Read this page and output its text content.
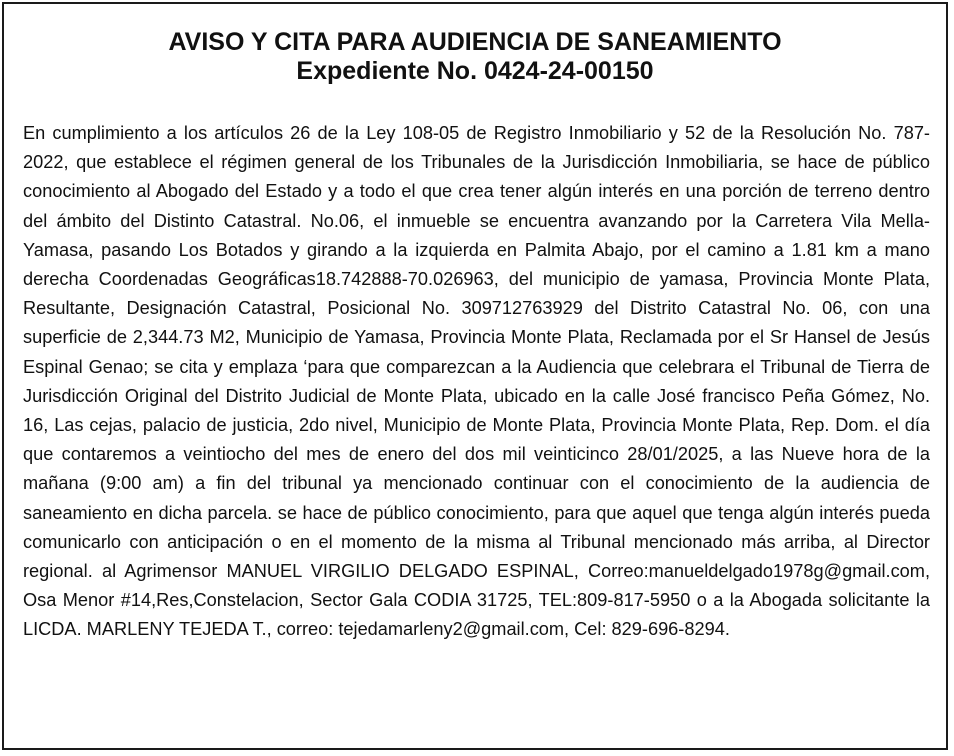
AVISO Y CITA PARA AUDIENCIA DE SANEAMIENTO
Expediente No. 0424-24-00150

En cumplimiento a los artículos 26 de la Ley 108-05 de Registro Inmobiliario y 52 de la Resolución No. 787-2022, que establece el régimen general de los Tribunales de la Jurisdicción Inmobiliaria, se hace de público conocimiento al Abogado del Estado y a todo el que crea tener algún interés en una porción de terreno dentro del ámbito del Distinto Catastral. No.06, el inmueble se encuentra avanzando por la Carretera Vila Mella-Yamasa, pasando Los Botados y girando a la izquierda en Palmita Abajo, por el camino a 1.81 km a mano derecha Coordenadas Geográficas18.742888-70.026963, del municipio de yamasa, Provincia Monte Plata, Resultante, Designación Catastral, Posicional No. 309712763929 del Distrito Catastral No. 06, con una superficie de 2,344.73 M2, Municipio de Yamasa, Provincia Monte Plata, Reclamada por el Sr Hansel de Jesús Espinal Genao; se cita y emplaza ‘para que comparezcan a la Audiencia que celebrara el Tribunal de Tierra de Jurisdicción Original del Distrito Judicial de Monte Plata, ubicado en la calle José francisco Peña Gómez, No. 16, Las cejas, palacio de justicia, 2do nivel, Municipio de Monte Plata, Provincia Monte Plata, Rep. Dom. el día que contaremos a veintiocho del mes de enero del dos mil veinticinco 28/01/2025, a las Nueve hora de la mañana (9:00 am) a fin del tribunal ya mencionado continuar con el conocimiento de la audiencia de saneamiento en dicha parcela. se hace de público conocimiento, para que aquel que tenga algún interés pueda comunicarlo con anticipación o en el momento de la misma al Tribunal mencionado más arriba, al Director regional. al Agrimensor MANUEL VIRGILIO DELGADO ESPINAL, Correo:manueldelgado1978g@gmail.com, Osa Menor #14,Res,Constelacion, Sector Gala CODIA 31725, TEL:809-817-5950 o a la Abogada solicitante la LICDA. MARLENY TEJEDA T., correo: tejedamarleny2@gmail.com, Cel: 829-696-8294.
